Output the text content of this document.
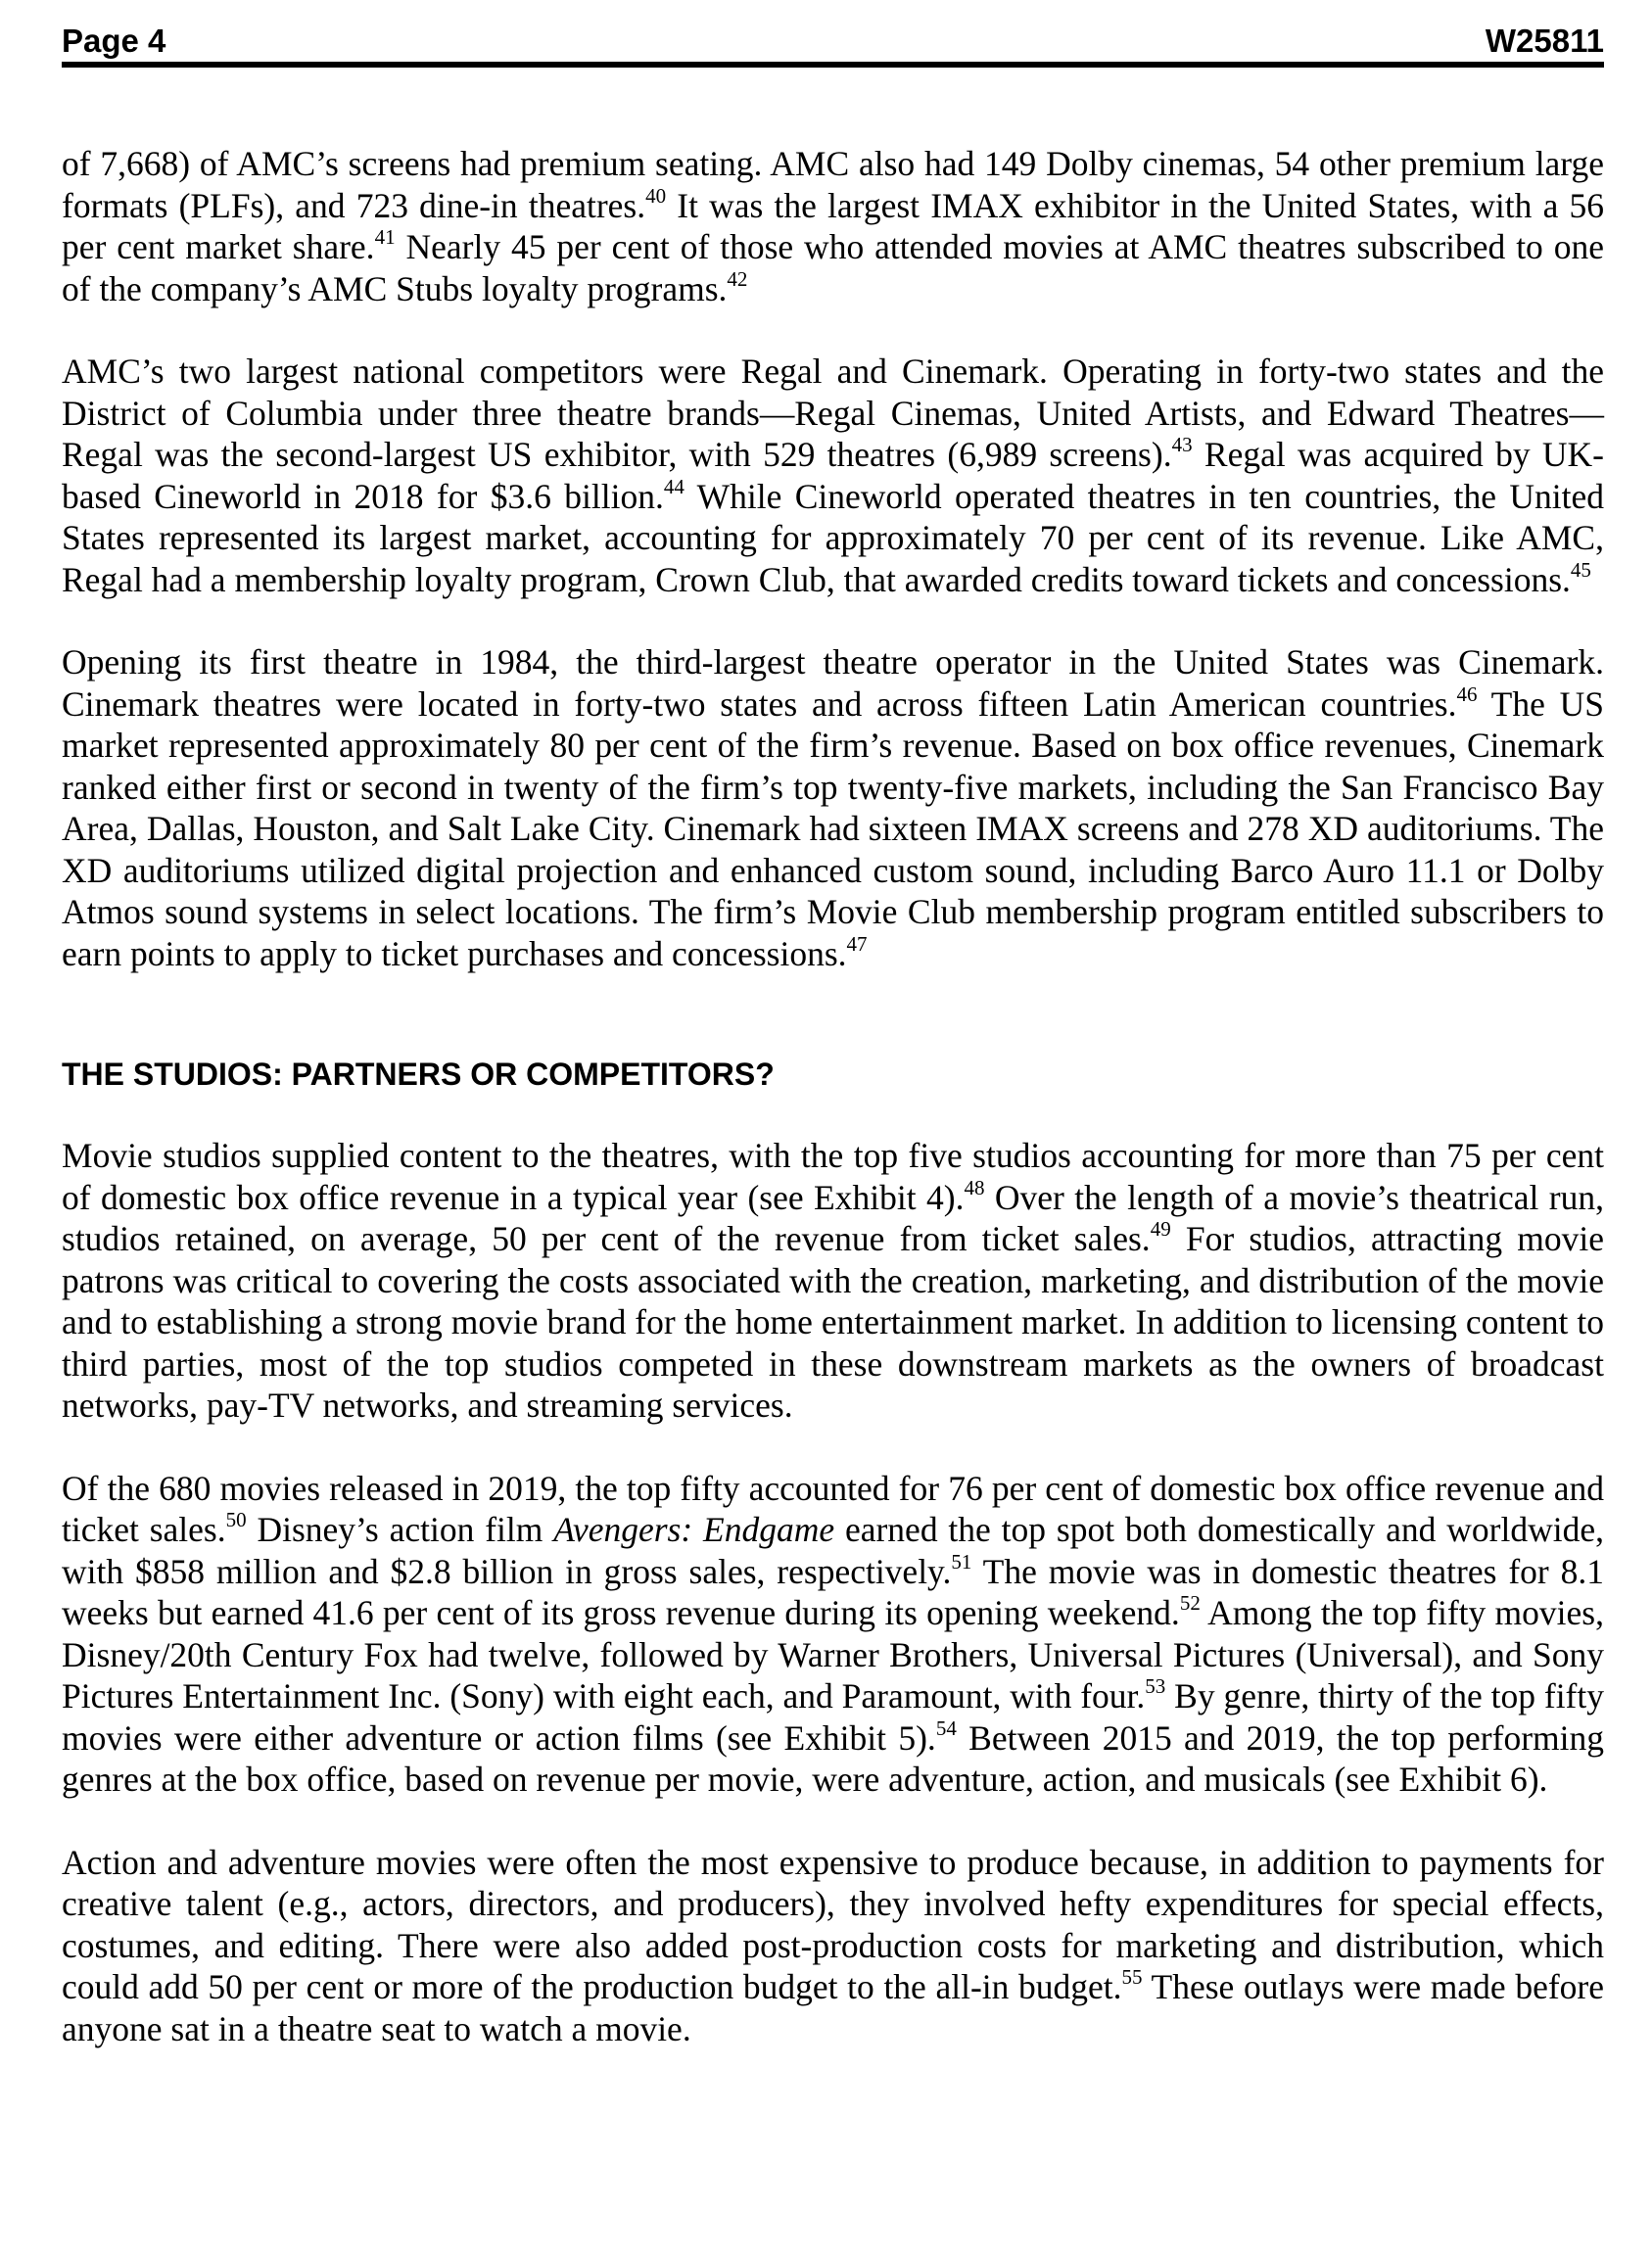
Page 4	W25811

of 7,668) of AMC’s screens had premium seating. AMC also had 149 Dolby cinemas, 54 other premium large formats (PLFs), and 723 dine-in theatres.$^{40}$ It was the largest IMAX exhibitor in the United States, with a 56 per cent market share.$^{41}$ Nearly 45 per cent of those who attended movies at AMC theatres subscribed to one of the company’s AMC Stubs loyalty programs.$^{42}$

AMC’s two largest national competitors were Regal and Cinemark. Operating in forty-two states and the District of Columbia under three theatre brands—Regal Cinemas, United Artists, and Edward Theatres—Regal was the second-largest US exhibitor, with 529 theatres (6,989 screens).$^{43}$ Regal was acquired by UK-based Cineworld in 2018 for $3.6 billion.$^{44}$ While Cineworld operated theatres in ten countries, the United States represented its largest market, accounting for approximately 70 per cent of its revenue. Like AMC, Regal had a membership loyalty program, Crown Club, that awarded credits toward tickets and concessions.$^{45}$

Opening its first theatre in 1984, the third-largest theatre operator in the United States was Cinemark. Cinemark theatres were located in forty-two states and across fifteen Latin American countries.$^{46}$ The US market represented approximately 80 per cent of the firm’s revenue. Based on box office revenues, Cinemark ranked either first or second in twenty of the firm’s top twenty-five markets, including the San Francisco Bay Area, Dallas, Houston, and Salt Lake City. Cinemark had sixteen IMAX screens and 278 XD auditoriums. The XD auditoriums utilized digital projection and enhanced custom sound, including Barco Auro 11.1 or Dolby Atmos sound systems in select locations. The firm’s Movie Club membership program entitled subscribers to earn points to apply to ticket purchases and concessions.$^{47}$

THE STUDIOS: PARTNERS OR COMPETITORS?

Movie studios supplied content to the theatres, with the top five studios accounting for more than 75 per cent of domestic box office revenue in a typical year (see Exhibit 4).$^{48}$ Over the length of a movie’s theatrical run, studios retained, on average, 50 per cent of the revenue from ticket sales.$^{49}$ For studios, attracting movie patrons was critical to covering the costs associated with the creation, marketing, and distribution of the movie and to establishing a strong movie brand for the home entertainment market. In addition to licensing content to third parties, most of the top studios competed in these downstream markets as the owners of broadcast networks, pay-TV networks, and streaming services.

Of the 680 movies released in 2019, the top fifty accounted for 76 per cent of domestic box office revenue and ticket sales.$^{50}$ Disney’s action film Avengers: Endgame earned the top spot both domestically and worldwide, with $858 million and $2.8 billion in gross sales, respectively.$^{51}$ The movie was in domestic theatres for 8.1 weeks but earned 41.6 per cent of its gross revenue during its opening weekend.$^{52}$ Among the top fifty movies, Disney/20th Century Fox had twelve, followed by Warner Brothers, Universal Pictures (Universal), and Sony Pictures Entertainment Inc. (Sony) with eight each, and Paramount, with four.$^{53}$ By genre, thirty of the top fifty movies were either adventure or action films (see Exhibit 5).$^{54}$ Between 2015 and 2019, the top performing genres at the box office, based on revenue per movie, were adventure, action, and musicals (see Exhibit 6).

Action and adventure movies were often the most expensive to produce because, in addition to payments for creative talent (e.g., actors, directors, and producers), they involved hefty expenditures for special effects, costumes, and editing. There were also added post-production costs for marketing and distribution, which could add 50 per cent or more of the production budget to the all-in budget.$^{55}$ These outlays were made before anyone sat in a theatre seat to watch a movie.
